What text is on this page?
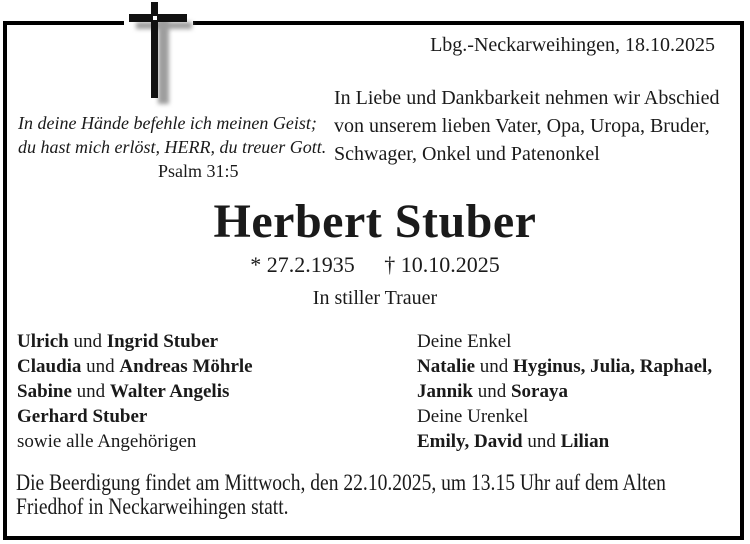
Lbg.-Neckarweihingen, 18.10.2025
In Liebe und Dankbarkeit nehmen wir Abschied
von unserem lieben Vater, Opa, Uropa, Bruder,
Schwager, Onkel und Patenonkel
In deine Hände befehle ich meinen Geist;
du hast mich erlöst, HERR, du treuer Gott.
Psalm 31:5
Herbert Stuber
* 27.2.1935 † 10.10.2025
In stiller Trauer
Ulrich und Ingrid Stuber
Claudia und Andreas Möhrle
Sabine und Walter Angelis
Gerhard Stuber
sowie alle Angehörigen
Deine Enkel
Natalie und Hyginus, Julia, Raphael,
Jannik und Soraya
Deine Urenkel
Emily, David und Lilian
Die Beerdigung findet am Mittwoch, den 22.10.2025, um 13.15 Uhr auf dem Alten
Friedhof in Neckarweihingen statt.
